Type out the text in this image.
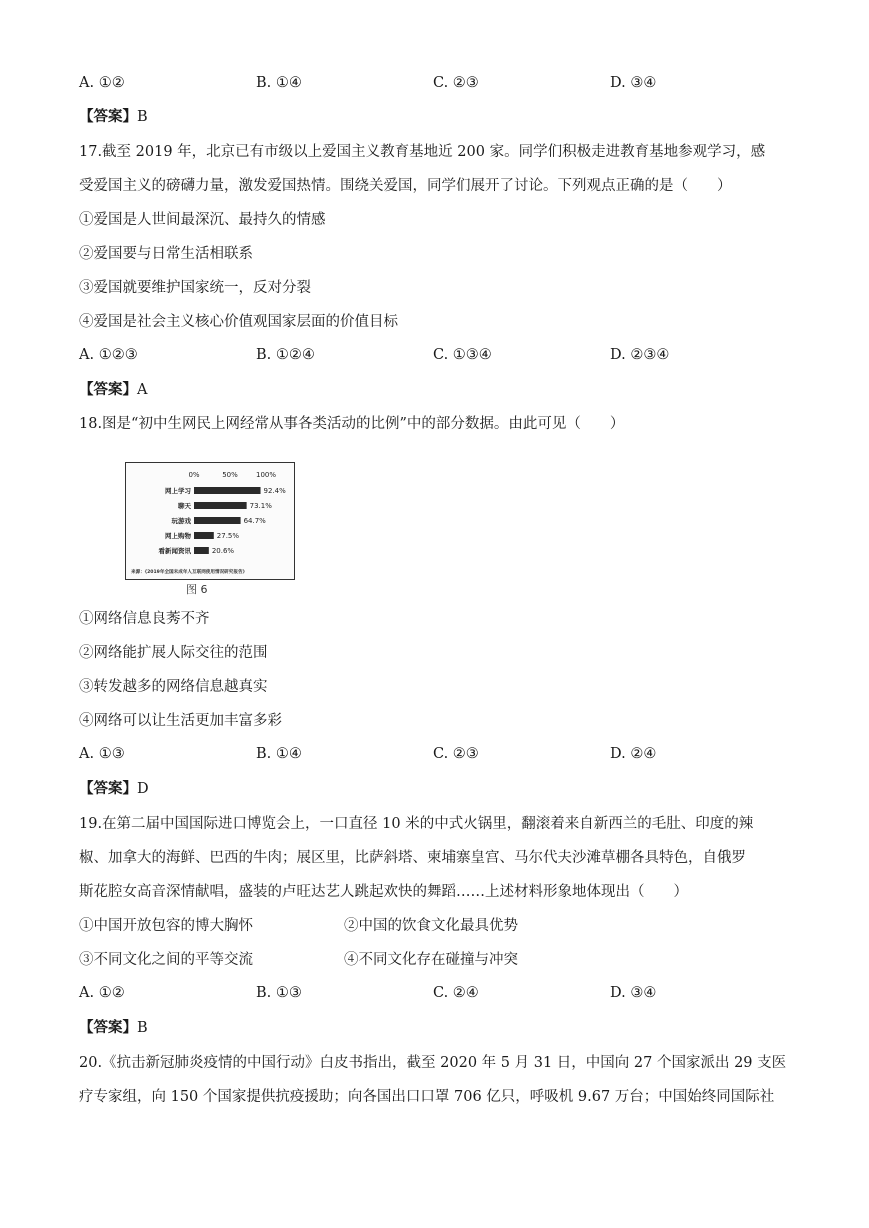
A. ①②	B. ①④	C. ②③	D. ③④
【答案】B
17.截至 2019 年，北京已有市级以上爱国主义教育基地近 200 家。同学们积极走进教育基地参观学习，感
受爱国主义的磅礴力量，激发爱国热情。围绕关爱国，同学们展开了讨论。下列观点正确的是（　　）
①爱国是人世间最深沉、最持久的情感
②爱国要与日常生活相联系
③爱国就要维护国家统一，反对分裂
④爱国是社会主义核心价值观国家层面的价值目标
A. ①②③	B. ①②④	C. ①③④	D. ②③④
【答案】A
18.图是“初中生网民上网经常从事各类活动的比例”中的部分数据。由此可见（　　）
0%	50%	100%
网上学习	92.4%
聊天	73.1%
玩游戏	64.7%
网上购物	27.5%
看新闻资讯	20.6%
来源：《2019年全国未成年人互联网使用情况研究报告》
图 6
①网络信息良莠不齐
②网络能扩展人际交往的范围
③转发越多的网络信息越真实
④网络可以让生活更加丰富多彩
A. ①③	B. ①④	C. ②③	D. ②④
【答案】D
19.在第二届中国国际进口博览会上，一口直径 10 米的中式火锅里，翻滚着来自新西兰的毛肚、印度的辣
椒、加拿大的海鲜、巴西的牛肉；展区里，比萨斜塔、柬埔寨皇宫、马尔代夫沙滩草棚各具特色，自俄罗
斯花腔女高音深情献唱，盛装的卢旺达艺人跳起欢快的舞蹈……上述材料形象地体现出（　　）
①中国开放包容的博大胸怀	②中国的饮食文化最具优势
③不同文化之间的平等交流	④不同文化存在碰撞与冲突
A. ①②	B. ①③	C. ②④	D. ③④
【答案】B
20.《抗击新冠肺炎疫情的中国行动》白皮书指出，截至 2020 年 5 月 31 日，中国向 27 个国家派出 29 支医
疗专家组，向 150 个国家提供抗疫援助；向各国出口口罩 706 亿只，呼吸机 9.67 万台；中国始终同国际社
